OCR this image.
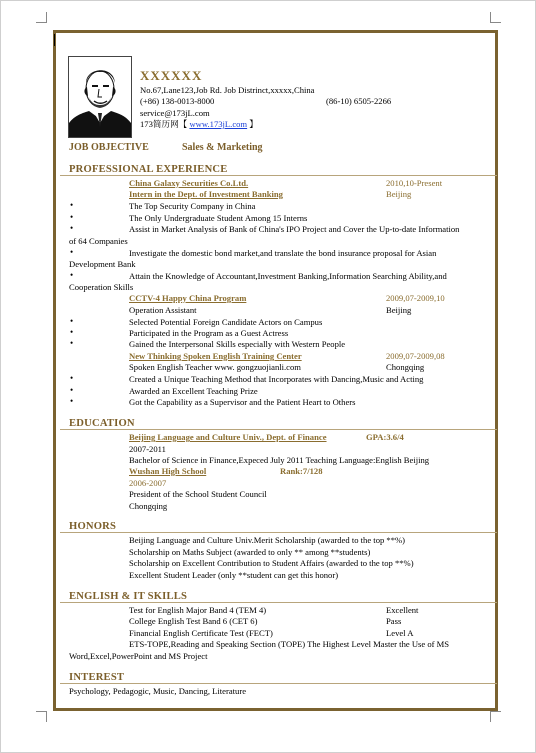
XXXXXX
No.67,Lane123,Job Rd. Job Distrinct,xxxxx,China
(+86) 138-0013-8000	(86-10) 6505-2266
service@173jL.com
173简历网【 www.173jL.com 】
JOB OBJECTIVE	Sales & Marketing
PROFESSIONAL EXPERIENCE
China Galaxy Securities Co.Ltd.	2010,10-Present
Intern in the Dept. of Investment Banking	Beijing
•	The Top Security Company in China
•	The Only Undergraduate Student Among 15 Interns
•	Assist in Market Analysis of Bank of China's IPO Project and Cover the Up-to-date Information
of 64 Companies
•	Investigate the domestic bond market,and translate the bond insurance proposal for Asian
Development Bank
•	Attain the Knowledge of Accountant,Investment Banking,Information Searching Ability,and
Cooperation Skills
CCTV-4 Happy China Program	2009,07-2009,10
Operation Assistant	Beijing
•	Selected Potential Foreign Candidate Actors on Campus
•	Participated in the Program as a Guest Actress
•	Gained the Interpersonal Skills especially with Western People
New Thinking Spoken English Training Center	2009,07-2009,08
Spoken English Teacher www. gongzuojianli.com	Chongqing
•	Created a Unique Teaching Method that Incorporates with Dancing,Music and Acting
•	Awarded an Excellent Teaching Prize
•	Got the Capability as a Supervisor and the Patient Heart to Others
EDUCATION
Beijing Language and Culture Univ., Dept. of Finance	GPA:3.6/4
2007-2011
Bachelor of Science in Finance,Expeced July 2011 Teaching Language:English Beijing
Wushan High School	Rank:7/128
2006-2007
President of the School Student Council
Chongqing
HONORS
Beijing Language and Culture Univ.Merit Scholarship (awarded to the top **%)
Scholarship on Maths Subject (awarded to only ** among **students)
Scholarship on Excellent Contribution to Student Affairs (awarded to the top **%)
Excellent Student Leader (only **student can get this honor)
ENGLISH & IT SKILLS
Test for English Major Band 4 (TEM 4)	Excellent
College English Test Band 6 (CET 6)	Pass
Financial English Certificate Test (FECT)	Level A
ETS-TOPE,Reading and Speaking Section (TOPE) The Highest Level Master the Use of MS
Word,Excel,PowerPoint and MS Project
INTEREST
Psychology, Pedagogic, Music, Dancing, Literature
